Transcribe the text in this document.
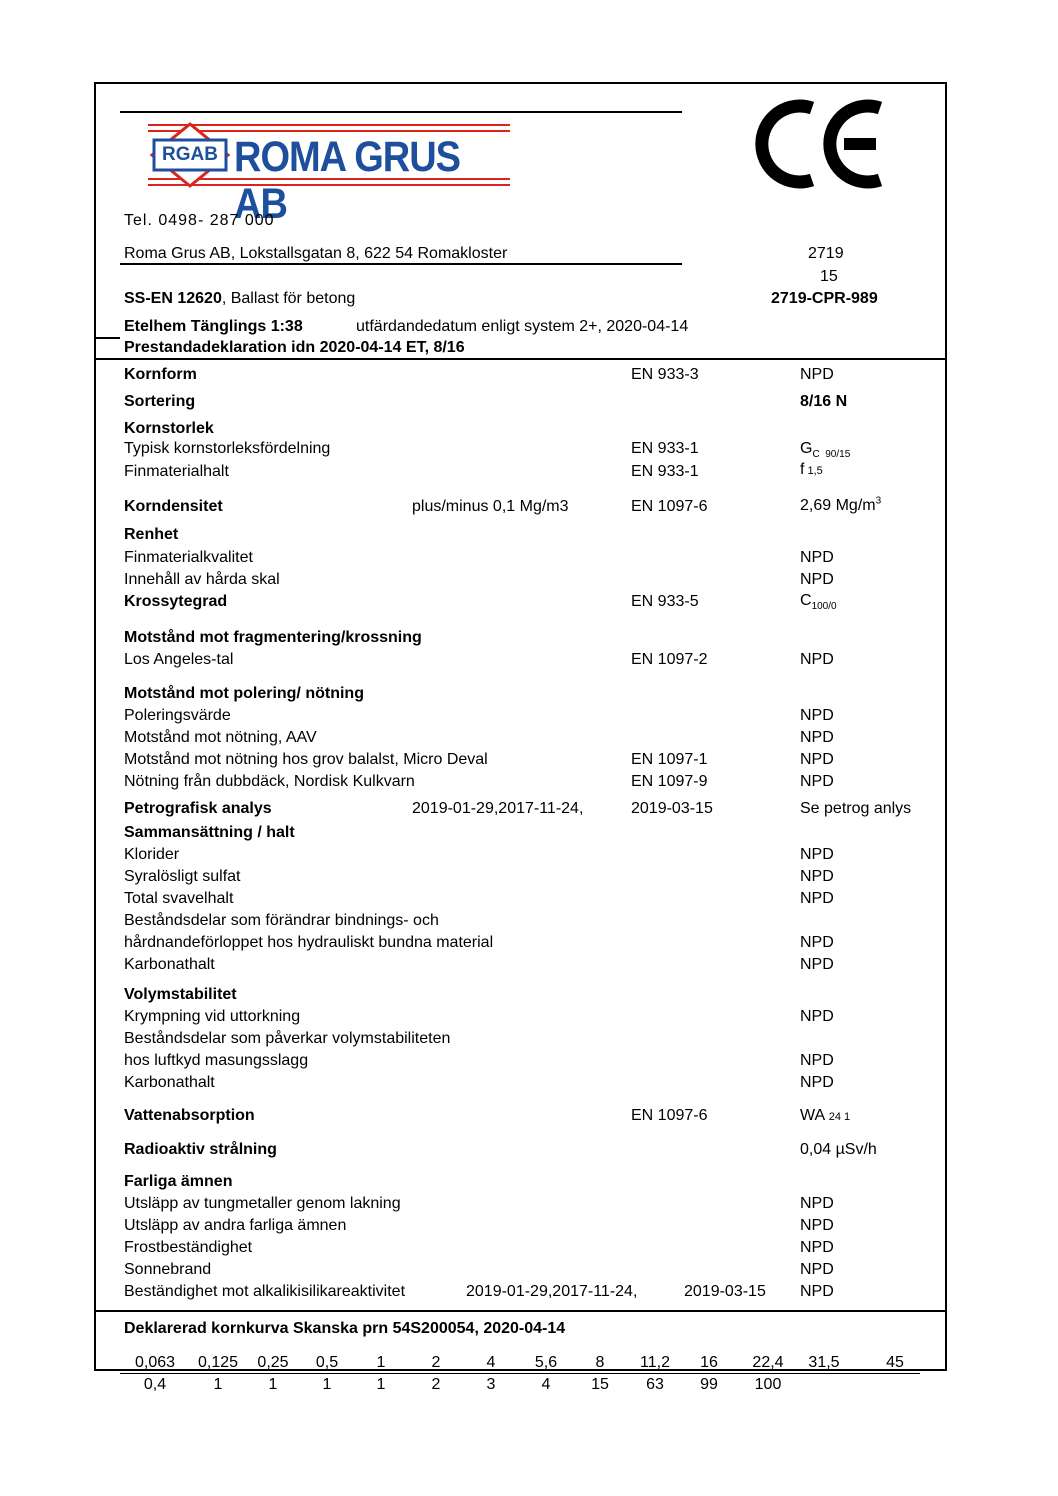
RGAB ROMA GRUS AB
Tel. 0498- 287 000
Roma Grus AB, Lokstallsgatan 8, 622 54 Romakloster	2719
15
SS-EN 12620, Ballast för betong	2719-CPR-989
Etelhem Tänglings 1:38	utfärdandedatum enligt system 2+, 2020-04-14
Prestandadeklaration idn 2020-04-14 ET, 8/16
Kornform	EN 933-3	NPD
Sortering	8/16 N
Kornstorlek
Typisk kornstorleksfördelning	EN 933-1	$G_{C 90/15}$
Finmaterialhalt	EN 933-1	f 1,5
Korndensitet	plus/minus 0,1 Mg/m3	EN 1097-6	2,69 $Mg/m^3$
Renhet
Finmaterialkvalitet	NPD
Innehåll av hårda skal	NPD
Krossytegrad	EN 933-5	$C_{100/0}$
Motstånd mot fragmentering/krossning
Los Angeles-tal	EN 1097-2	NPD
Motstånd mot polering/ nötning
Poleringsvärde	NPD
Motstånd mot nötning, AAV	NPD
Motstånd mot nötning hos grov balalst, Micro Deval	EN 1097-1	NPD
Nötning från dubbdäck, Nordisk Kulkvarn	EN 1097-9	NPD
Petrografisk analys	2019-01-29,2017-11-24,	2019-03-15	Se petrog anlys
Sammansättning / halt
Klorider	NPD
Syralösligt sulfat	NPD
Total svavelhalt	NPD
Beståndsdelar som förändrar bindnings- och
hårdnandeförloppet hos hydrauliskt bundna material	NPD
Karbonathalt	NPD
Volymstabilitet
Krympning vid uttorkning	NPD
Beståndsdelar som påverkar volymstabiliteten
hos luftkyd masungsslagg	NPD
Karbonathalt	NPD
Vattenabsorption	EN 1097-6	WA 24 1
Radioaktiv strålning	0,04 µSv/h
Farliga ämnen
Utsläpp av tungmetaller genom lakning	NPD
Utsläpp av andra farliga ämnen	NPD
Frostbeständighet	NPD
Sonnebrand	NPD
Beständighet mot alkalikisilikareaktivitet	2019-01-29,2017-11-24,	2019-03-15 NPD
Deklarerad kornkurva Skanska prn 54S200054, 2020-04-14
0,063	0,125	0,25	0,5	1	2	4	5,6	8	11,2	16	22,4	31,5	45
0,4	1	1	1	1	2	3	4	15	63	99	100
